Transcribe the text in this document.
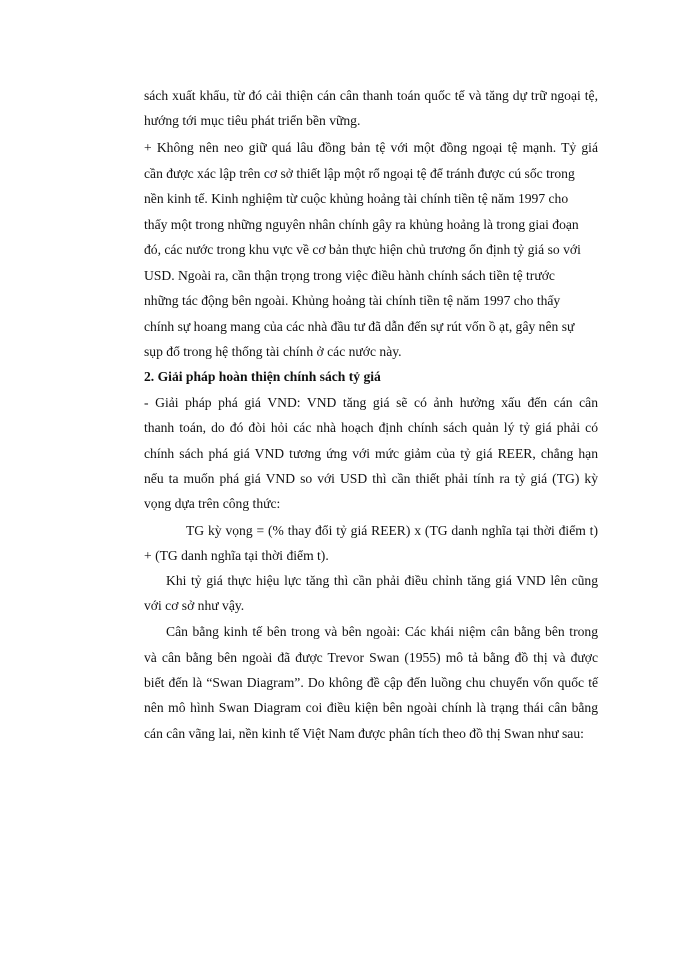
sách xuất khẩu, từ đó cải thiện cán cân thanh toán quốc tế và tăng dự trữ ngoại tệ,
hướng tới mục tiêu phát triển bền vững.
+ Không nên neo giữ quá lâu đồng bản tệ với một đồng ngoại tệ mạnh. Tỷ giá
cần được xác lập trên cơ sở thiết lập một rổ ngoại tệ để tránh được cú sốc trong
nền kinh tế. Kinh nghiệm từ cuộc khủng hoảng tài chính tiền tệ năm 1997 cho
thấy một trong những nguyên nhân chính gây ra khủng hoảng là trong giai đoạn
đó, các nước trong khu vực về cơ bản thực hiện chủ trương ổn định tỷ giá so với
USD. Ngoài ra, cần thận trọng trong việc điều hành chính sách tiền tệ trước
những tác động bên ngoài. Khủng hoảng tài chính tiền tệ năm 1997 cho thấy
chính sự hoang mang của các nhà đầu tư đã dẫn đến sự rút vốn ồ ạt, gây nên sự
sụp đổ trong hệ thống tài chính ở các nước này.
2. Giải pháp hoàn thiện chính sách tỷ giá
- Giải pháp phá giá VND: VND tăng giá sẽ có ảnh hưởng xấu đến cán cân
thanh toán, do đó đòi hỏi các nhà hoạch định chính sách quản lý tỷ giá phải có
chính sách phá giá VND tương ứng với mức giảm của tỷ giá REER, chẳng hạn
nếu ta muốn phá giá VND so với USD thì cần thiết phải tính ra tỷ giá (TG) kỳ
vọng dựa trên công thức:
TG kỳ vọng = (% thay đổi tỷ giá REER) x (TG danh nghĩa tại thời điểm t)
+ (TG danh nghĩa tại thời điểm t).
Khi tỷ giá thực hiệu lực tăng thì cần phải điều chỉnh tăng giá VND lên cũng
với cơ sở như vậy.
Cân bằng kinh tế bên trong và bên ngoài: Các khái niệm cân bằng bên trong
và cân bằng bên ngoài đã được Trevor Swan (1955) mô tả bằng đồ thị và được
biết đến là “Swan Diagram”. Do không đề cập đến luồng chu chuyển vốn quốc tế
nên mô hình Swan Diagram coi điều kiện bên ngoài chính là trạng thái cân bằng
cán cân vãng lai, nền kinh tế Việt Nam được phân tích theo đồ thị Swan như sau:
